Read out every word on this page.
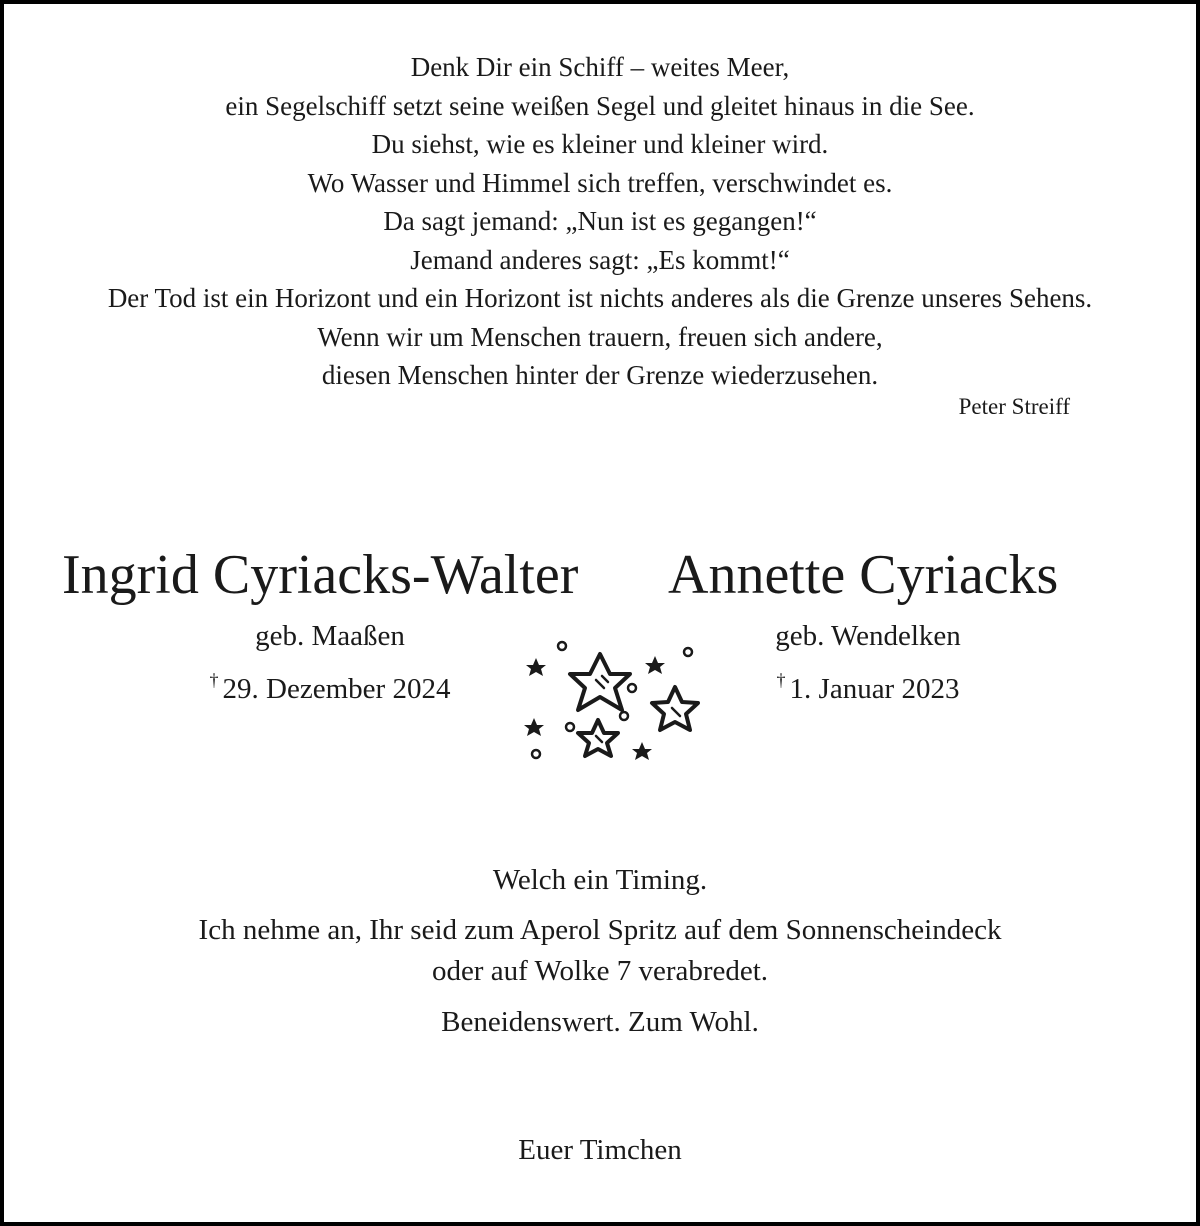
Denk Dir ein Schiff – weites Meer,
ein Segelschiff setzt seine weißen Segel und gleitet hinaus in die See.
Du siehst, wie es kleiner und kleiner wird.
Wo Wasser und Himmel sich treffen, verschwindet es.
Da sagt jemand: „Nun ist es gegangen!“
Jemand anderes sagt: „Es kommt!“
Der Tod ist ein Horizont und ein Horizont ist nichts anderes als die Grenze unseres Sehens.
Wenn wir um Menschen trauern, freuen sich andere,
diesen Menschen hinter der Grenze wiederzusehen.
Peter Streiff
Ingrid Cyriacks-Walter Annette Cyriacks
geb. Maaßen	geb. Wendelken
† 29. Dezember 2024	† 1. Januar 2023
Welch ein Timing.
Ich nehme an, Ihr seid zum Aperol Spritz auf dem Sonnenscheindeck
oder auf Wolke 7 verabredet.
Beneidenswert. Zum Wohl.
Euer Timchen
